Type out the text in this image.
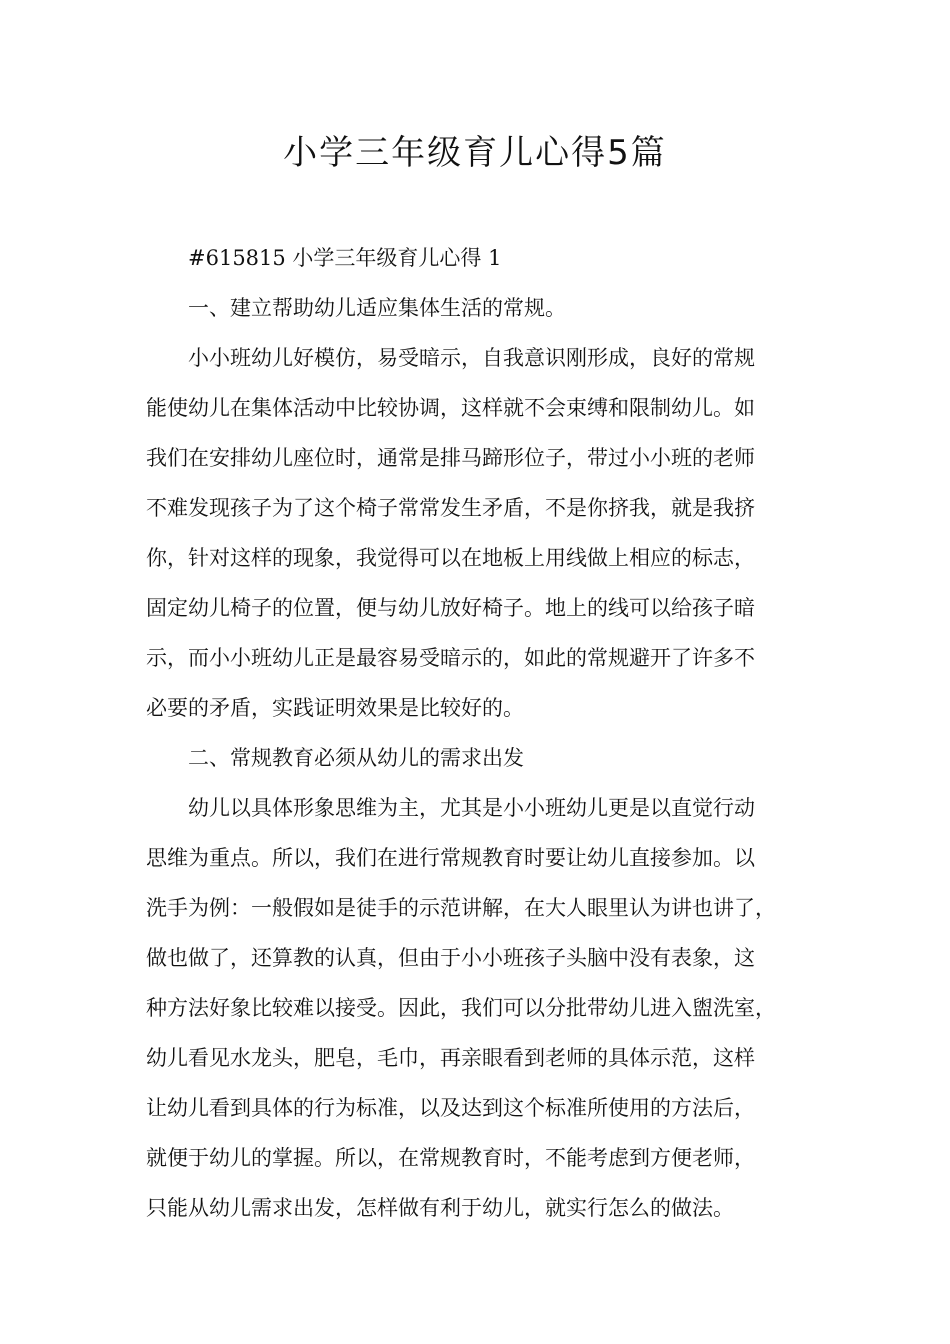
小学三年级育儿心得5篇
#615815 小学三年级育儿心得 1
一、建立帮助幼儿适应集体生活的常规。
小小班幼儿好模仿，易受暗示，自我意识刚形成，良好的常规
能使幼儿在集体活动中比较协调，这样就不会束缚和限制幼儿。如
我们在安排幼儿座位时，通常是排马蹄形位子，带过小小班的老师
不难发现孩子为了这个椅子常常发生矛盾，不是你挤我，就是我挤
你，针对这样的现象，我觉得可以在地板上用线做上相应的标志，
固定幼儿椅子的位置，便与幼儿放好椅子。地上的线可以给孩子暗
示，而小小班幼儿正是最容易受暗示的，如此的常规避开了许多不
必要的矛盾，实践证明效果是比较好的。
二、常规教育必须从幼儿的需求出发
幼儿以具体形象思维为主，尤其是小小班幼儿更是以直觉行动
思维为重点。所以，我们在进行常规教育时要让幼儿直接参加。以
洗手为例：一般假如是徒手的示范讲解，在大人眼里认为讲也讲了，
做也做了，还算教的认真，但由于小小班孩子头脑中没有表象，这
种方法好象比较难以接受。因此，我们可以分批带幼儿进入盥洗室，
幼儿看见水龙头，肥皂，毛巾，再亲眼看到老师的具体示范，这样
让幼儿看到具体的行为标准，以及达到这个标准所使用的方法后，
就便于幼儿的掌握。所以，在常规教育时，不能考虑到方便老师，
只能从幼儿需求出发，怎样做有利于幼儿，就实行怎么的做法。
